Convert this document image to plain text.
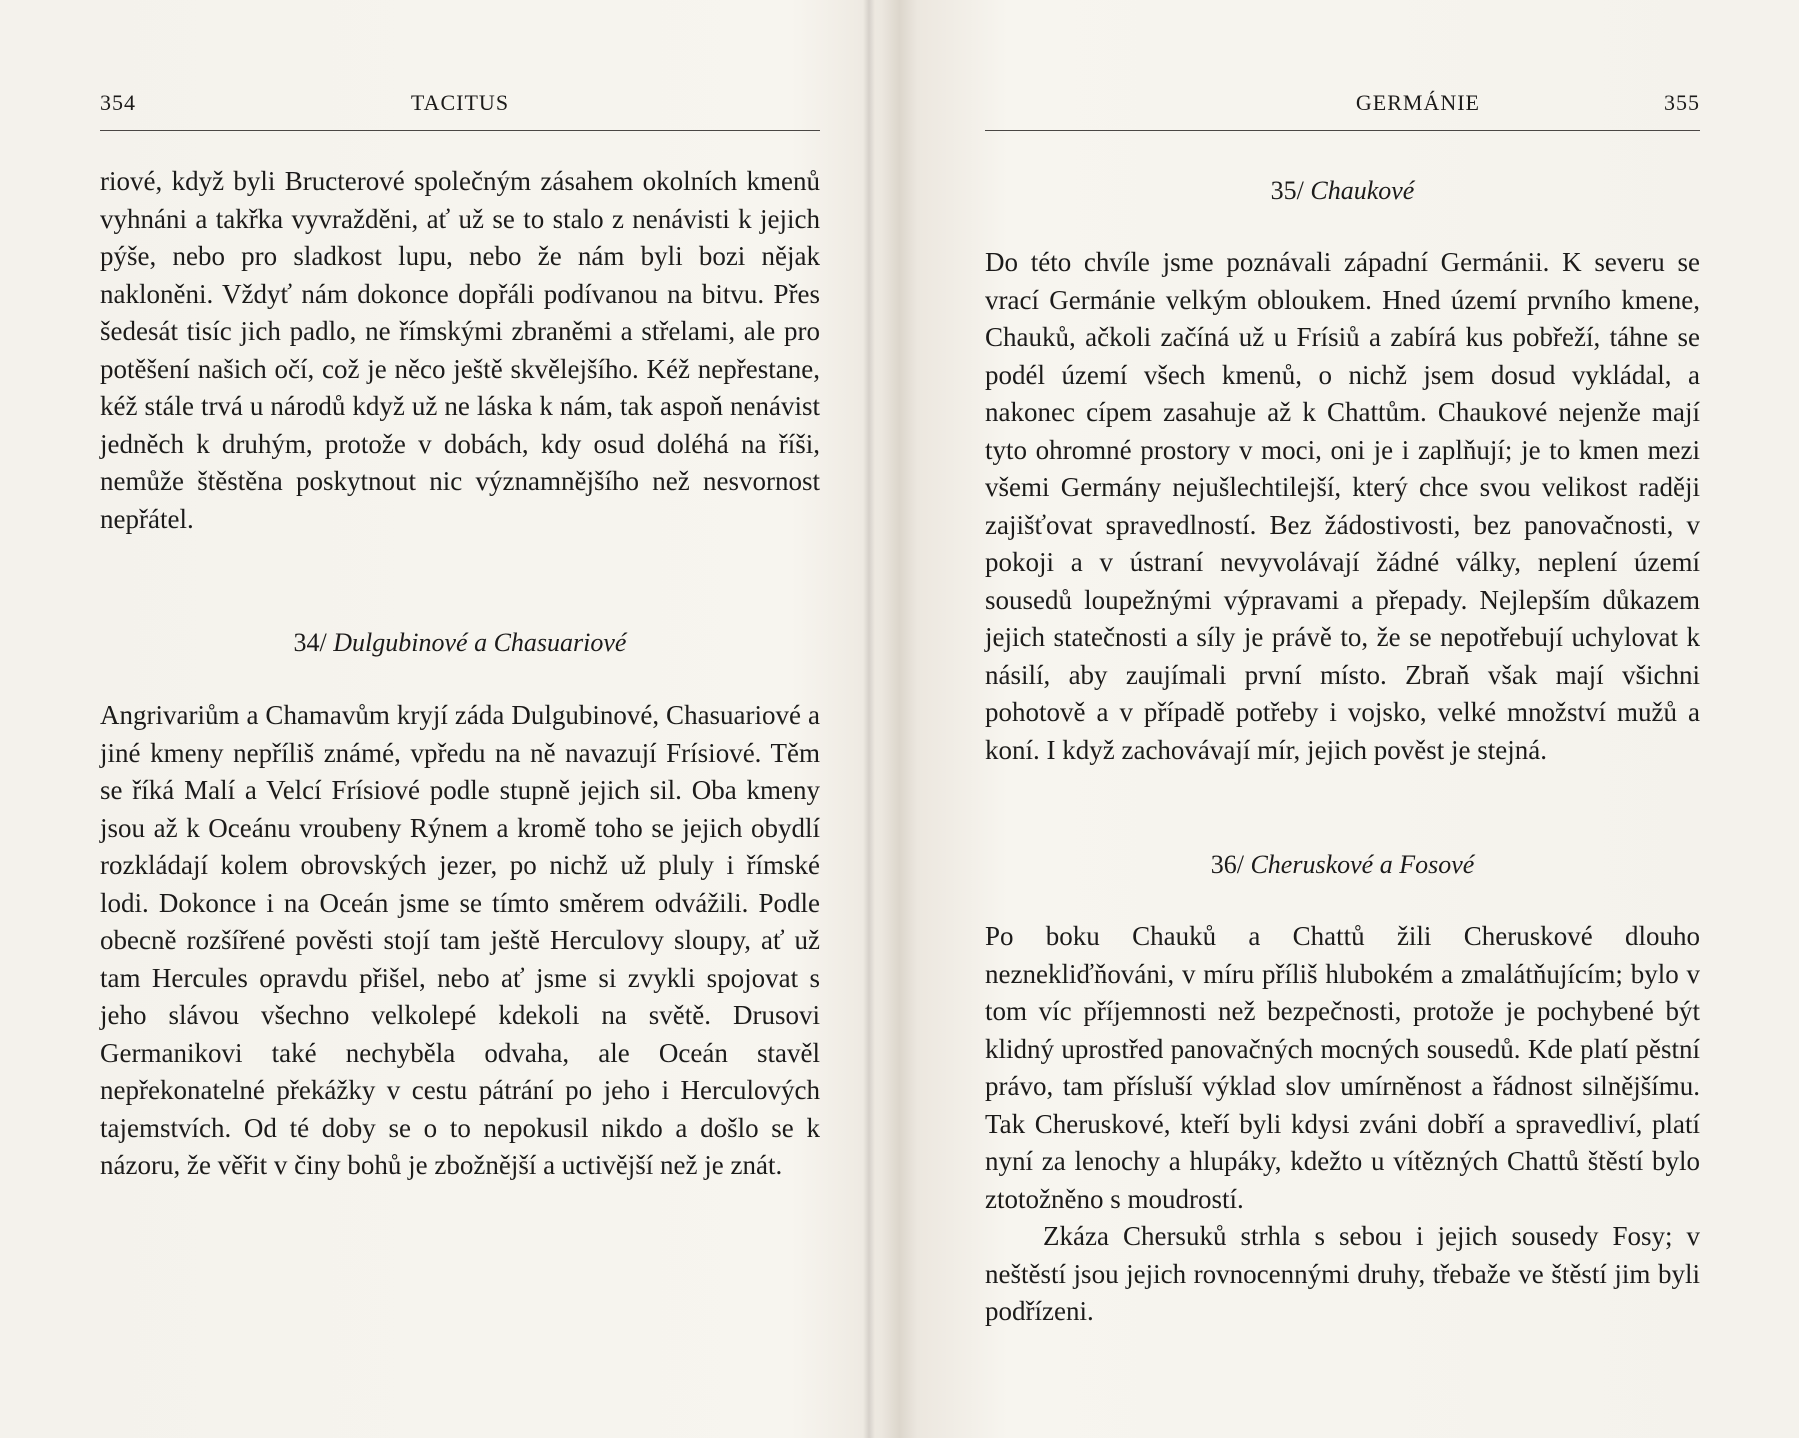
354	TACITUS

riové, když byli Bructerové společným zásahem okolních kmenů vyhnáni a takřka vyvražděni, ať už se to stalo z nenávisti k jejich pýše, nebo pro sladkost lupu, nebo že nám byli bozi nějak nakloněni. Vždyť nám dokonce dopřáli podívanou na bitvu. Přes šedesát tisíc jich padlo, ne římskými zbraněmi a střelami, ale pro potěšení našich očí, což je něco ještě skvělejšího. Kéž nepřestane, kéž stále trvá u národů když už ne láska k nám, tak aspoň nenávist jedněch k druhým, protože v dobách, kdy osud doléhá na říši, nemůže štěstěna poskytnout nic významnějšího než nesvornost nepřátel.

34/ Dulgubinové a Chasuariové

Angrivariům a Chamavům kryjí záda Dulgubinové, Chasuariové a jiné kmeny nepříliš známé, vpředu na ně navazují Frísiové. Těm se říká Malí a Velcí Frísiové podle stupně jejich sil. Oba kmeny jsou až k Oceánu vroubeny Rýnem a kromě toho se jejich obydlí rozkládají kolem obrovských jezer, po nichž už pluly i římské lodi. Dokonce i na Oceán jsme se tímto směrem odvážili. Podle obecně rozšířené pověsti stojí tam ještě Herculovy sloupy, ať už tam Hercules opravdu přišel, nebo ať jsme si zvykli spojovat s jeho slávou všechno velkolepé kdekoli na světě. Drusovi Germanikovi také nechyběla odvaha, ale Oceán stavěl nepřekonatelné překážky v cestu pátrání po jeho i Herculových tajemstvích. Od té doby se o to nepokusil nikdo a došlo se k názoru, že věřit v činy bohů je zbožnější a uctivější než je znát.

GERMÁNIE	355
35/ Chaukové

Do této chvíle jsme poznávali západní Germánii. K severu se vrací Germánie velkým obloukem. Hned území prvního kmene, Chauků, ačkoli začíná už u Frísiů a zabírá kus pobřeží, táhne se podél území všech kmenů, o nichž jsem dosud vykládal, a nakonec cípem zasahuje až k Chattům. Chaukové nejenže mají tyto ohromné prostory v moci, oni je i zaplňují; je to kmen mezi všemi Germány nejušlechtilejší, který chce svou velikost raději zajišťovat spravedlností. Bez žádostivosti, bez panovačnosti, v pokoji a v ústraní nevyvolávají žádné války, neplení území sousedů loupežnými výpravami a přepady. Nejlepším důkazem jejich statečnosti a síly je právě to, že se nepotřebují uchylovat k násilí, aby zaujímali první místo. Zbraň však mají všichni pohotově a v případě potřeby i vojsko, velké množství mužů a koní. I když zachovávají mír, jejich pověst je stejná.

36/ Cheruskové a Fosové

Po boku Chauků a Chattů žili Cheruskové dlouho neznekliďňováni, v míru příliš hlubokém a zmalátňujícím; bylo v tom víc příjemnosti než bezpečnosti, protože je pochybené být klidný uprostřed panovačných mocných sousedů. Kde platí pěstní právo, tam přísluší výklad slov umírněnost a řádnost silnějšímu. Tak Cheruskové, kteří byli kdysi zváni dobří a spravedliví, platí nyní za lenochy a hlupáky, kdežto u vítězných Chattů štěstí bylo ztotožněno s moudrostí.

Zkáza Chersuků strhla s sebou i jejich sousedy Fosy; v neštěstí jsou jejich rovnocennými druhy, třebaže ve štěstí jim byli podřízeni.
